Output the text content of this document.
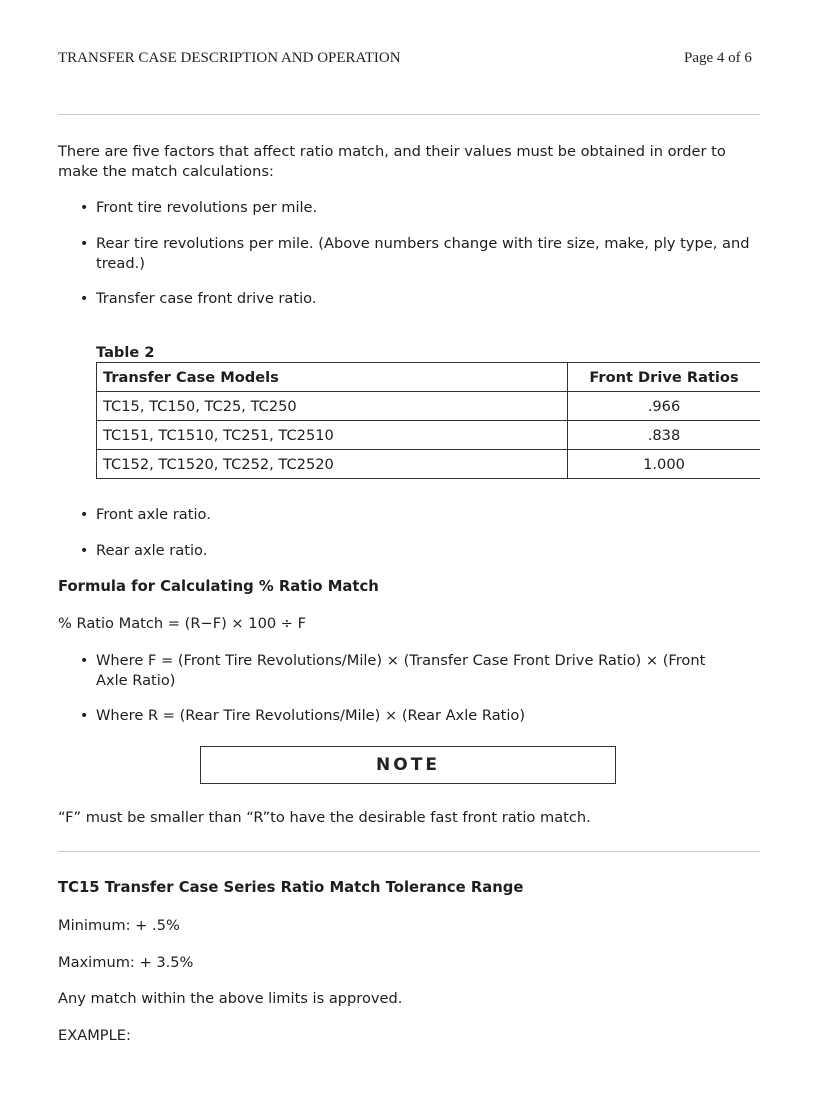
TRANSFER CASE DESCRIPTION AND OPERATION	Page 4 of 6
There are five factors that affect ratio match, and their values must be obtained in order to make the match calculations:
• Front tire revolutions per mile.
• Rear tire revolutions per mile. (Above numbers change with tire size, make, ply type, and tread.)
• Transfer case front drive ratio.
Table 2
Transfer Case Models	Front Drive Ratios
TC15, TC150, TC25, TC250	.966
TC151, TC1510, TC251, TC2510	.838
TC152, TC1520, TC252, TC2520	1.000
• Front axle ratio.
• Rear axle ratio.
Formula for Calculating % Ratio Match
% Ratio Match = (R−F) × 100 ÷ F
• Where F = (Front Tire Revolutions/Mile) × (Transfer Case Front Drive Ratio) × (Front Axle Ratio)
• Where R = (Rear Tire Revolutions/Mile) × (Rear Axle Ratio)
NOTE
“F” must be smaller than “R”to have the desirable fast front ratio match.
TC15 Transfer Case Series Ratio Match Tolerance Range
Minimum: + .5%
Maximum: + 3.5%
Any match within the above limits is approved.
EXAMPLE:
